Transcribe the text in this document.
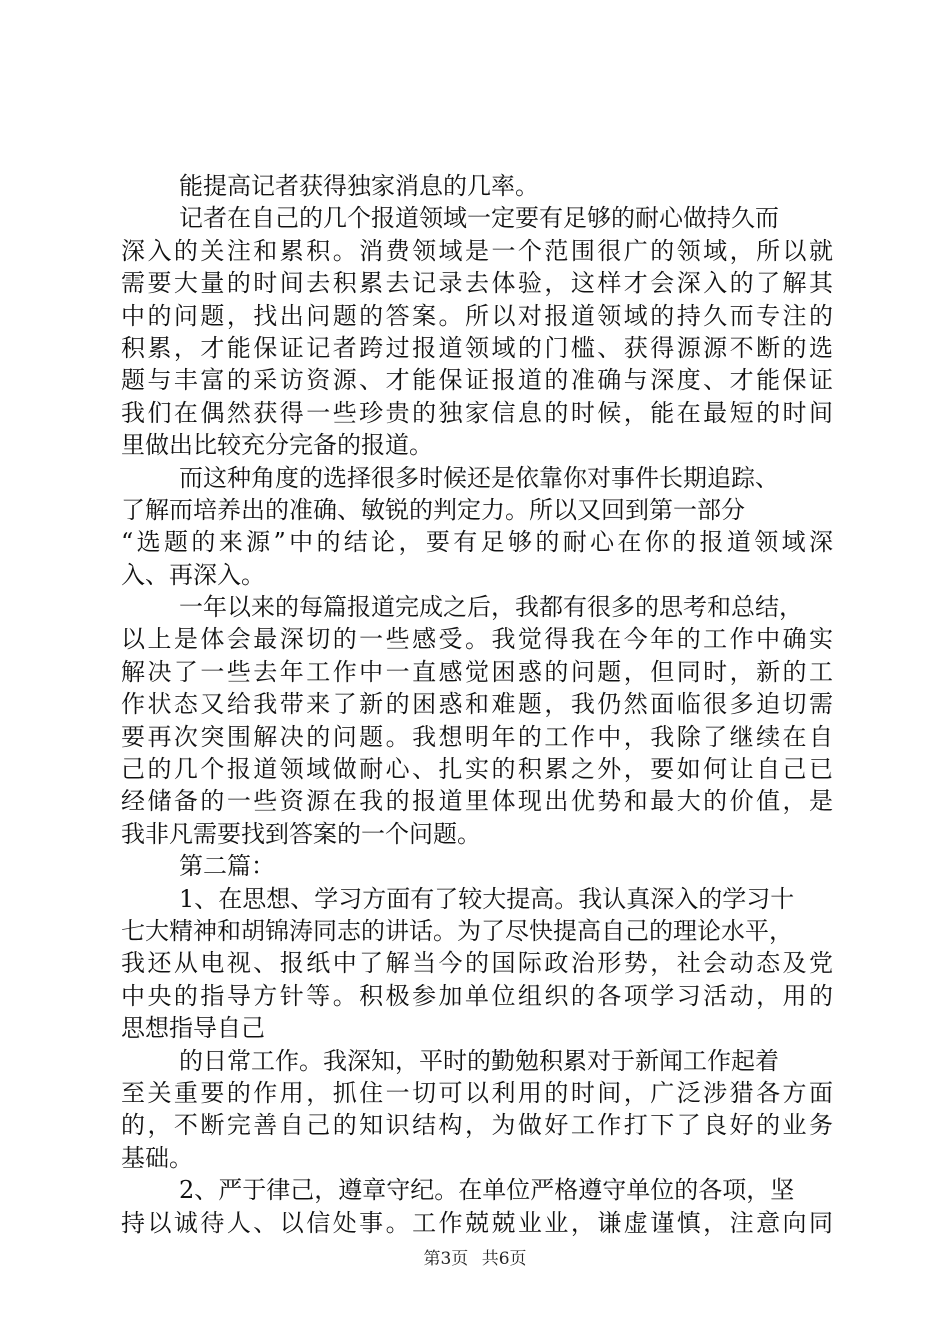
能提高记者获得独家消息的几率。
记者在自己的几个报道领域一定要有足够的耐心做持久而
深入的关注和累积。消费领域是一个范围很广的领域，所以就
需要大量的时间去积累去记录去体验，这样才会深入的了解其
中的问题，找出问题的答案。所以对报道领域的持久而专注的
积累，才能保证记者跨过报道领域的门槛、获得源源不断的选
题与丰富的采访资源、才能保证报道的准确与深度、才能保证
我们在偶然获得一些珍贵的独家信息的时候，能在最短的时间
里做出比较充分完备的报道。
而这种角度的选择很多时候还是依靠你对事件长期追踪、
了解而培养出的准确、敏锐的判定力。所以又回到第一部分
“选题的来源”中的结论，要有足够的耐心在你的报道领域深
入、再深入。
一年以来的每篇报道完成之后，我都有很多的思考和总结，
以上是体会最深切的一些感受。我觉得我在今年的工作中确实
解决了一些去年工作中一直感觉困惑的问题，但同时，新的工
作状态又给我带来了新的困惑和难题，我仍然面临很多迫切需
要再次突围解决的问题。我想明年的工作中，我除了继续在自
己的几个报道领域做耐心、扎实的积累之外，要如何让自己已
经储备的一些资源在我的报道里体现出优势和最大的价值，是
我非凡需要找到答案的一个问题。
第二篇：
1、在思想、学习方面有了较大提高。我认真深入的学习十
七大精神和胡锦涛同志的讲话。为了尽快提高自己的理论水平，
我还从电视、报纸中了解当今的国际政治形势，社会动态及党
中央的指导方针等。积极参加单位组织的各项学习活动，用的
思想指导自己
的日常工作。我深知，平时的勤勉积累对于新闻工作起着
至关重要的作用，抓住一切可以利用的时间，广泛涉猎各方面
的，不断完善自己的知识结构，为做好工作打下了良好的业务
基础。
2、严于律己，遵章守纪。在单位严格遵守单位的各项，坚
持以诚待人、以信处事。工作兢兢业业，谦虚谨慎，注意向同
第3页 共6页
